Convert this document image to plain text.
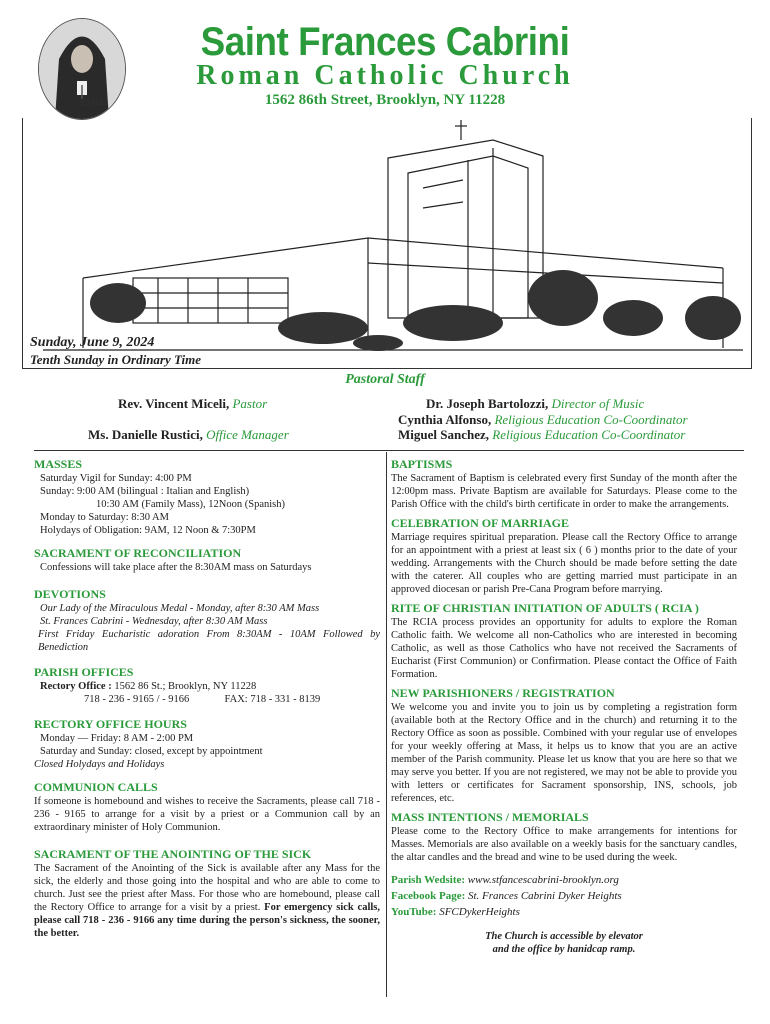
(C) M.CL
Saint Frances Cabrini
Roman Catholic Church
1562 86th Street, Brooklyn, NY 11228
Sunday, June 9, 2024
Tenth Sunday in Ordinary Time
Pastoral Staff
Rev. Vincent Miceli, Pastor
Ms. Danielle Rustici, Office Manager
Dr. Joseph Bartolozzi, Director of Music
Cynthia Alfonso, Religious Education Co-Coordinator
Miguel Sanchez, Religious Education Co-Coordinator

MASSES

Saturday Vigil for Sunday: 4:00 PM
Sunday: 9:00 AM (bilingual : Italian and English)
10:30 AM (Family Mass), 12Noon (Spanish)
Monday to Saturday: 8:30 AM
Holydays of Obligation: 9AM, 12 Noon & 7:30PM

SACRAMENT OF RECONCILIATION

Confessions will take place after the 8:30AM mass on Saturdays

DEVOTIONS

Our Lady of the Miraculous Medal - Monday, after 8:30 AM Mass
St. Frances Cabrini - Wednesday, after 8:30 AM Mass
First Friday Eucharistic adoration From 8:30AM - 10AM Followed by Benediction

PARISH OFFICES

Rectory Office : 1562 86 St.; Brooklyn, NY 11228
718 - 236 - 9165 / - 9166	FAX: 718 - 331 - 8139

RECTORY OFFICE HOURS

Monday — Friday: 8 AM - 2:00 PM
Saturday and Sunday: closed, except by appointment
Closed Holydays and Holidays

COMMUNION CALLS

If someone is homebound and wishes to receive the Sacraments, please call 718 - 236 - 9165 to arrange for a visit by a priest or a Communion call by an extraordinary minister of Holy Communion.

SACRAMENT OF THE ANOINTING OF THE SICK

The Sacrament of the Anointing of the Sick is available after any Mass for the sick, the elderly and those going into the hospital and who are able to come to church. Just see the priest after Mass. For those who are homebound, please call the Rectory Office to arrange for a visit by a priest. For emergency sick calls, please call 718 - 236 - 9166 any time during the person's sickness, the sooner, the better.

BAPTISMS

The Sacrament of Baptism is celebrated every first Sunday of the month after the 12:00pm mass. Private Baptism are available for Saturdays. Please come to the Parish Office with the child's birth certificate in order to make the arrangements.

CELEBRATION OF MARRIAGE

Marriage requires spiritual preparation. Please call the Rectory Office to arrange for an appointment with a priest at least six ( 6 ) months prior to the date of your wedding. Arrangements with the Church should be made before setting the date with the caterer. All couples who are getting married must participate in an approved diocesan or parish Pre-Cana Program before marrying.

RITE OF CHRISTIAN INITIATION OF ADULTS ( RCIA )

The RCIA process provides an opportunity for adults to explore the Roman Catholic faith. We welcome all non-Catholics who are interested in becoming Catholic, as well as those Catholics who have not received the Sacraments of Eucharist (First Communion) or Confirmation. Please contact the Office of Faith Formation.

NEW PARISHIONERS / REGISTRATION

We welcome you and invite you to join us by completing a registration form (available both at the Rectory Office and in the church) and returning it to the Rectory Office as soon as possible. Combined with your regular use of envelopes for your weekly offering at Mass, it helps us to know that you are an active member of the Parish community. Please let us know that you are here so that we may serve you better. If you are not registered, we may not be able to provide you with letters or certificates for Sacrament sponsorship, INS, schools, job references, etc.

MASS INTENTIONS / MEMORIALS

Please come to the Rectory Office to make arrangements for intentions for Masses. Memorials are also available on a weekly basis for the sanctuary candles, the altar candles and the bread and wine to be used during the week.
Parish Wedsite: www.stfancescabrini-brooklyn.org
Facebook Page: St. Frances Cabrini Dyker Heights
YouTube: SFCDykerHeights
The Church is accessible by elevator
and the office by hanidcap ramp.
